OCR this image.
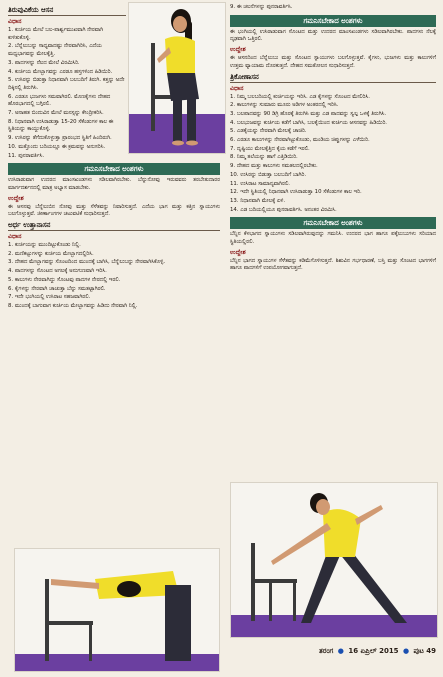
ತಿರುವುವಿಕೆಯ ಆಸನ
ವಿಧಾನ
1. ಕುರ್ಚಿಯ ಮೇಲೆ ಬಲ-ಪಾರ್ಶ್ವಮುಖವಾಗಿ ನೇರವಾಗಿ ಕುಳಿತುಕೊಳ್ಳಿ.
2. ಬೆನ್ನೆಲುಬನ್ನು ಸಾಧ್ಯವಾದಷ್ಟು ನೇರವಾಗಿರಿಸಿ, ಎದೆಯ ಮಧ್ಯಭಾಗವನ್ನು ಮೇಲಕ್ಕೆತ್ತಿ.
3. ಪಾದಗಳನ್ನು ನೆಲದ ಮೇಲೆ ವಿರಮಿಸಿರಿ.
4. ಕುರ್ಚಿಯ ಮೇಲ್ಭಾಗವನ್ನು ಎರಡೂ ಹಸ್ತಗಳಿಂದ ಹಿಡಿಯಿರಿ.
5. ಉಸಿರನ್ನು ಬಿಡುತ್ತಾ ನಿಧಾನವಾಗಿ ಬಲಬದಿಗೆ ತಿರುಗಿ. ಕತ್ತನ್ನು ಅದೇ ದಿಕ್ಕಿನಲ್ಲಿ ತಿರುಗಿಸಿ.
6. ಎರಡೂ ಭುಜಗಳು ಸಮವಾಗಿರಲಿ. ಮೊಣಕೈಗಳು ದೇಹದ ಹೊರಭಾಗದಲ್ಲಿ ಬಗ್ಗಿರಲಿ.
7. ಅನಾಹತ ಬಿಂದುವಿನ ಮೇಲೆ ಮನಸ್ಸನ್ನು ಕೇಂದ್ರೀಕರಿಸಿ.
8. ನಿಧಾನವಾಗಿ ಉಸಿರಾಡುತ್ತಾ 15-20 ಸೆಕೆಂಡುಗಳ ಕಾಲ ಈ ಸ್ಥಿತಿಯನ್ನು ಕಾಯ್ದುಕೊಳ್ಳಿ.
9. ಉಸಿರನ್ನು ತೆಗೆದುಕೊಳ್ಳುತ್ತಾ ಪ್ರಾರಂಭದ ಸ್ಥಿತಿಗೆ ಹಿಂದಿರುಗಿ.
10. ಮತ್ತೊಂದು ಬದಿಯಲ್ಲೂ ಈ ಕ್ರಮವನ್ನು ಅನುಸರಿಸಿ.
11. ಪುನರಾವರ್ತಿಸಿ.
ಗಮನಿಸಬೇಕಾದ ಅಂಶಗಳು
ಉಸಿರಾಡುವಾಗ ಉದರದ ಮಾಂಸಖಂಡಗಳು ಸಡಿಲವಾಗಿರಬೇಕು. ಬೆನ್ನುನೋವು ಇರುವವರು ತರಬೇತುದಾರರ ಮಾರ್ಗದರ್ಶನದಲ್ಲಿ ಮಾತ್ರ ಅಭ್ಯಾಸ ಮಾಡಬೇಕು.
ಉದ್ದೇಶ
ಈ ಆಸನವು ಬೆನ್ನೆಲುಬಿನ ನೋವು ಮತ್ತು ಸೆಳೆತವನ್ನು ನಿವಾರಿಸುತ್ತದೆ. ಎದೆಯ ಭಾಗ ಮತ್ತು ಕತ್ತಿನ ಸ್ನಾಯುಗಳು ಬಲಗೊಳ್ಳುತ್ತವೆ. ಜೀರ್ಣಾಂಗಗಳ ಚಟುವಟಿಕೆ ಸುಧಾರಿಸುತ್ತದೆ.
ಅರ್ಧ ಉತ್ತಾನಾಸನ
ವಿಧಾನ
1. ಕುರ್ಚಿಯನ್ನು ಮುಂದಿಟ್ಟುಕೊಂಡು ನಿಲ್ಲಿ.
2. ಮಣಿಕಟ್ಟುಗಳನ್ನು ಕುರ್ಚಿಯ ಮೇಲ್ಭಾಗದಲ್ಲಿರಿಸಿ.
3. ದೇಹದ ಮೇಲ್ಭಾಗವನ್ನು ಸೊಂಟದಿಂದ ಮುಂದಕ್ಕೆ ಬಾಗಿಸಿ, ಬೆನ್ನೆಲುಬನ್ನು ನೇರವಾಗಿಸಿಕೊಳ್ಳಿ.
4. ಪಾದಗಳನ್ನು ಸೊಂಟದ ಅಗಲಕ್ಕೆ ಅನುಗುಣವಾಗಿ ಇರಿಸಿ.
5. ಕಾಲುಗಳು ನೇರವಾಗಿದ್ದು ಸೊಂಟವು ಪಾದಗಳ ನೇರದಲ್ಲಿ ಇರಲಿ.
6. ಕೈಗಳನ್ನು ನೇರವಾಗಿ ಚಾಚುತ್ತಾ ಬೆನ್ನು ಸಮತಟ್ಟಾಗಿರಲಿ.
7. ಇದೇ ಭಂಗಿಯಲ್ಲಿ ಉಸಿರಾಟ ಸಹಜವಾಗಿರಲಿ.
8. ಮುಂದಕ್ಕೆ ಬಾಗುವಾಗ ಕುರ್ಚಿಯ ಮೇಲ್ಭಾಗವನ್ನು ಹಿಡಿದು ನೇರವಾಗಿ ನಿಲ್ಲಿ.
9. ಈ ಚಲನೆಗಳನ್ನು ಪುನರಾವರ್ತಿಸಿ.
ಗಮನಿಸಬೇಕಾದ ಅಂಶಗಳು
ಈ ಭಂಗಿಯಲ್ಲಿ ಉಸಿರಾಡುವಾಗ ಸೊಂಟದ ಮತ್ತು ಉದರದ ಮಾಂಸಖಂಡಗಳು ಸಡಿಲವಾಗಿರಬೇಕು. ಪಾದಗಳು ನೆಲಕ್ಕೆ ದೃಢವಾಗಿ ಒತ್ತಿರಲಿ.
ಉದ್ದೇಶ
ಈ ಆಸನದಿಂದ ಬೆನ್ನೆಲುಬು ಮತ್ತು ಸೊಂಟದ ಸ್ನಾಯುಗಳು ಬಲಗೊಳ್ಳುತ್ತವೆ. ಕೈಗಳು, ಭುಜಗಳು ಮತ್ತು ಕಾಲುಗಳಿಗೆ ಉತ್ತಮ ವ್ಯಾಯಾಮ ದೊರಕುತ್ತದೆ. ದೇಹದ ಸಮತೋಲನ ಸುಧಾರಿಸುತ್ತದೆ.
ತ್ರಿಕೋಣಾಸನ
ವಿಧಾನ
1. ನಿಮ್ಮ ಬಲಬದಿಯಲ್ಲಿ ಕುರ್ಚಿಯನ್ನು ಇರಿಸಿ. ಎಡ ಕೈಗಳನ್ನು ಸೊಂಟದ ಮೇಲಿರಿಸಿ.
2. ಕಾಲುಗಳನ್ನು ಸುಮಾರು ಮೂರು ಅಡಿಗಳ ಅಂತರದಲ್ಲಿ ಇರಿಸಿ.
3. ಬಲಪಾದವನ್ನು 90 ಡಿಗ್ರಿ ಹೊರಕ್ಕೆ ತಿರುಗಿಸಿ ಮತ್ತು ಎಡ ಪಾದವನ್ನು ಸ್ವಲ್ಪ ಒಳಕ್ಕೆ ತಿರುಗಿಸಿ.
4. ಬಲಭುಜವನ್ನು ಕುರ್ಚಿಯ ಕಡೆಗೆ ಬಾಗಿಸಿ, ಬಲಕೈಯಿಂದ ಕುರ್ಚಿಯ ಆಸನವನ್ನು ಹಿಡಿಯಿರಿ.
5. ಎಡಕೈಯನ್ನು ನೇರವಾಗಿ ಮೇಲಕ್ಕೆ ಚಾಚಿರಿ.
6. ಎರಡೂ ಕಾಲುಗಳನ್ನು ನೇರವಾಗಿಟ್ಟುಕೊಂಡು, ಮಂಡಿಯ ಚಿಪ್ಪುಗಳನ್ನು ಎಳೆಯಿರಿ.
7. ದೃಷ್ಟಿಯು ಮೇಲಕ್ಕೆತ್ತಿದ ಕೈಯ ಕಡೆಗೆ ಇರಲಿ.
8. ನಿಮ್ಮ ತಲೆಯನ್ನು ಹಾಗೆ ಎತ್ತಿಡಿಯಿರಿ.
9. ದೇಹದ ಮತ್ತು ಕಾಲುಗಳು ಸಮತಲದಲ್ಲಿರಬೇಕು.
10. ಉಸಿರನ್ನು ಬಿಡುತ್ತಾ ಬಲಬದಿಗೆ ಬಾಗಿರಿ.
11. ಉಸಿರಾಟ ಸಾಮಾನ್ಯವಾಗಿರಲಿ.
12. ಇದೇ ಸ್ಥಿತಿಯಲ್ಲಿ ನಿಧಾನವಾಗಿ ಉಸಿರಾಡುತ್ತಾ 10 ಸೆಕೆಂಡುಗಳ ಕಾಲ ಇರಿ.
13. ನಿಧಾನವಾಗಿ ಮೇಲಕ್ಕೆ ಏಳಿ.
14. ಎಡ ಬದಿಯಲ್ಲಿಯೂ ಪುನರಾವರ್ತಿಸಿ. ಅನಂತರ ವಿರಮಿಸಿ.
ಗಮನಿಸಬೇಕಾದ ಅಂಶಗಳು
ಬೆನ್ನಿನ ಕೆಳಭಾಗದ ಸ್ನಾಯುಗಳು ಸಡಿಲವಾಗಿರುವುದನ್ನು ಗಮನಿಸಿ. ಉದರದ ಭಾಗ ಹಾಗೂ ಪಕ್ಕೆಲುಬುಗಳು ಸರಿಯಾದ ಸ್ಥಿತಿಯಲ್ಲಿರಲಿ.
ಉದ್ದೇಶ
ಬೆನ್ನಿನ ಭಾಗದ ಸ್ನಾಯುಗಳ ಸೆಳೆತವನ್ನು ಕಡಿಮೆಗೊಳಿಸುತ್ತದೆ. ಶಿಶುವಿನ ಗರ್ಭಧಾರಣೆ, ಬಸ್ತಿ ಮತ್ತು ಸೊಂಟದ ಭಾಗಗಳಿಗೆ ಹಾಗೂ ಪಾದಗಳಿಗೆ ಉಪಯೋಗವಾಗುತ್ತದೆ.
ತರಂಗ ● 16 ಏಪ್ರಿಲ್ 2015 ● ಪುಟ 49
